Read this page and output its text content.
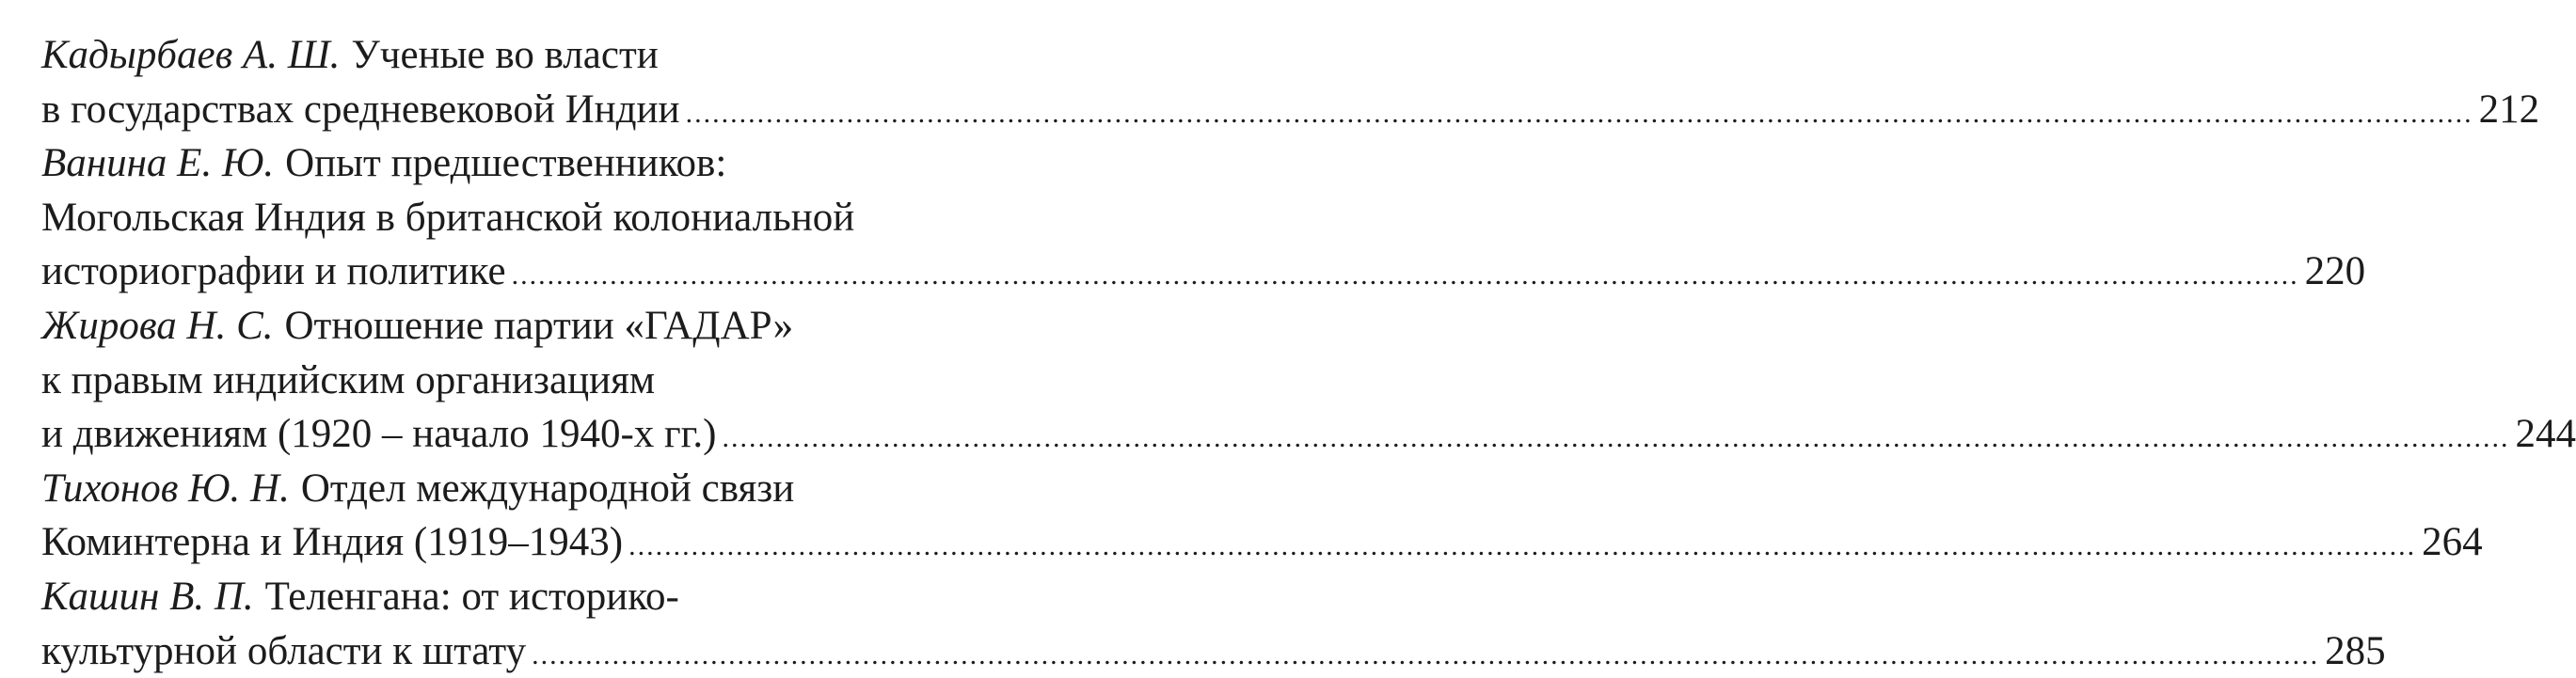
Кадырбаев А. Ш. Ученые во власти
в государствах средневековой Индии ........................................................................................................................................................................................................ 212
Ванина Е. Ю. Опыт предшественников:
Могольская Индия в британской колониальной
историографии и политике ........................................................................................................................................................................................................ 220
Жирова Н. С. Отношение партии «ГАДАР»
к правым индийским организациям
и движениям (1920 – начало 1940-х гг.) ........................................................................................................................................................................................................ 244
Тихонов Ю. Н. Отдел международной связи
Коминтерна и Индия (1919–1943) ........................................................................................................................................................................................................ 264
Кашин В. П. Теленгана: от историко-
культурной области к штату ........................................................................................................................................................................................................ 285
